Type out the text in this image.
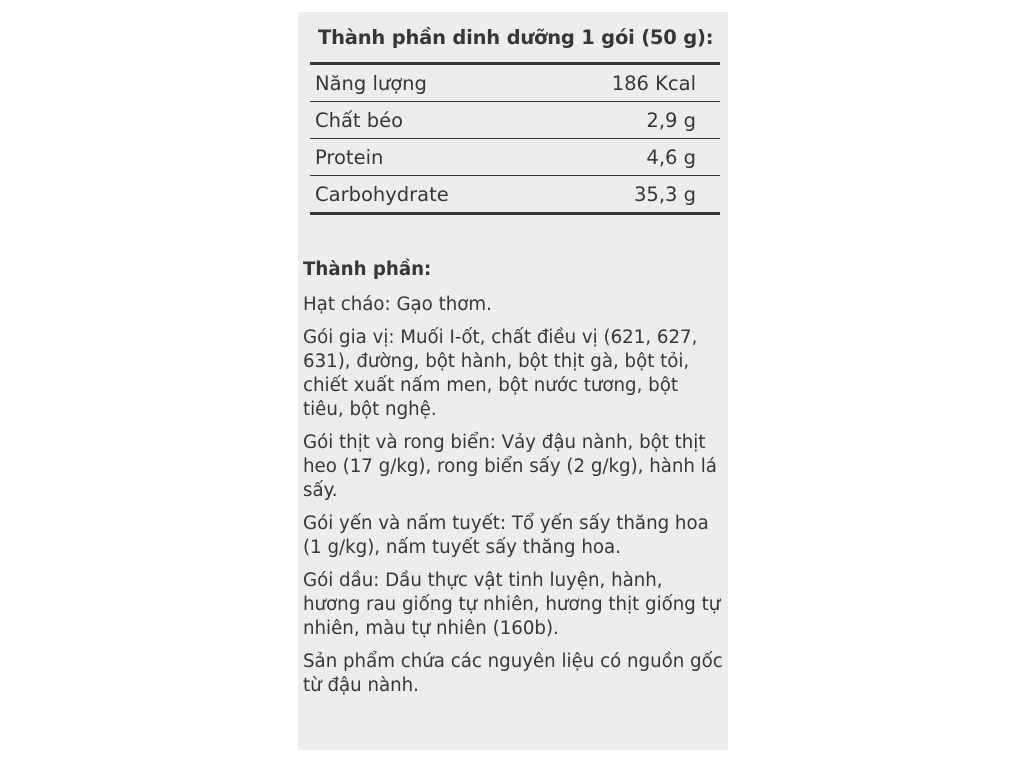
Thành phần dinh dưỡng 1 gói (50 g):
Năng lượng	186 Kcal
Chất béo	2,9 g
Protein	4,6 g
Carbohydrate	35,3 g

Thành phần:

Hạt cháo: Gạo thơm.

Gói gia vị: Muối I-ốt, chất điều vị (621, 627, 631), đường, bột hành, bột thịt gà, bột tỏi, chiết xuất nấm men, bột nước tương, bột tiêu, bột nghệ.

Gói thịt và rong biển: Vảy đậu nành, bột thịt heo (17 g/kg), rong biển sấy (2 g/kg), hành lá sấy.

Gói yến và nấm tuyết: Tổ yến sấy thăng hoa (1 g/kg), nấm tuyết sấy thăng hoa.

Gói dầu: Dầu thực vật tinh luyện, hành, hương rau giống tự nhiên, hương thịt giống tự nhiên, màu tự nhiên (160b).

Sản phẩm chứa các nguyên liệu có nguồn gốc từ đậu nành.
